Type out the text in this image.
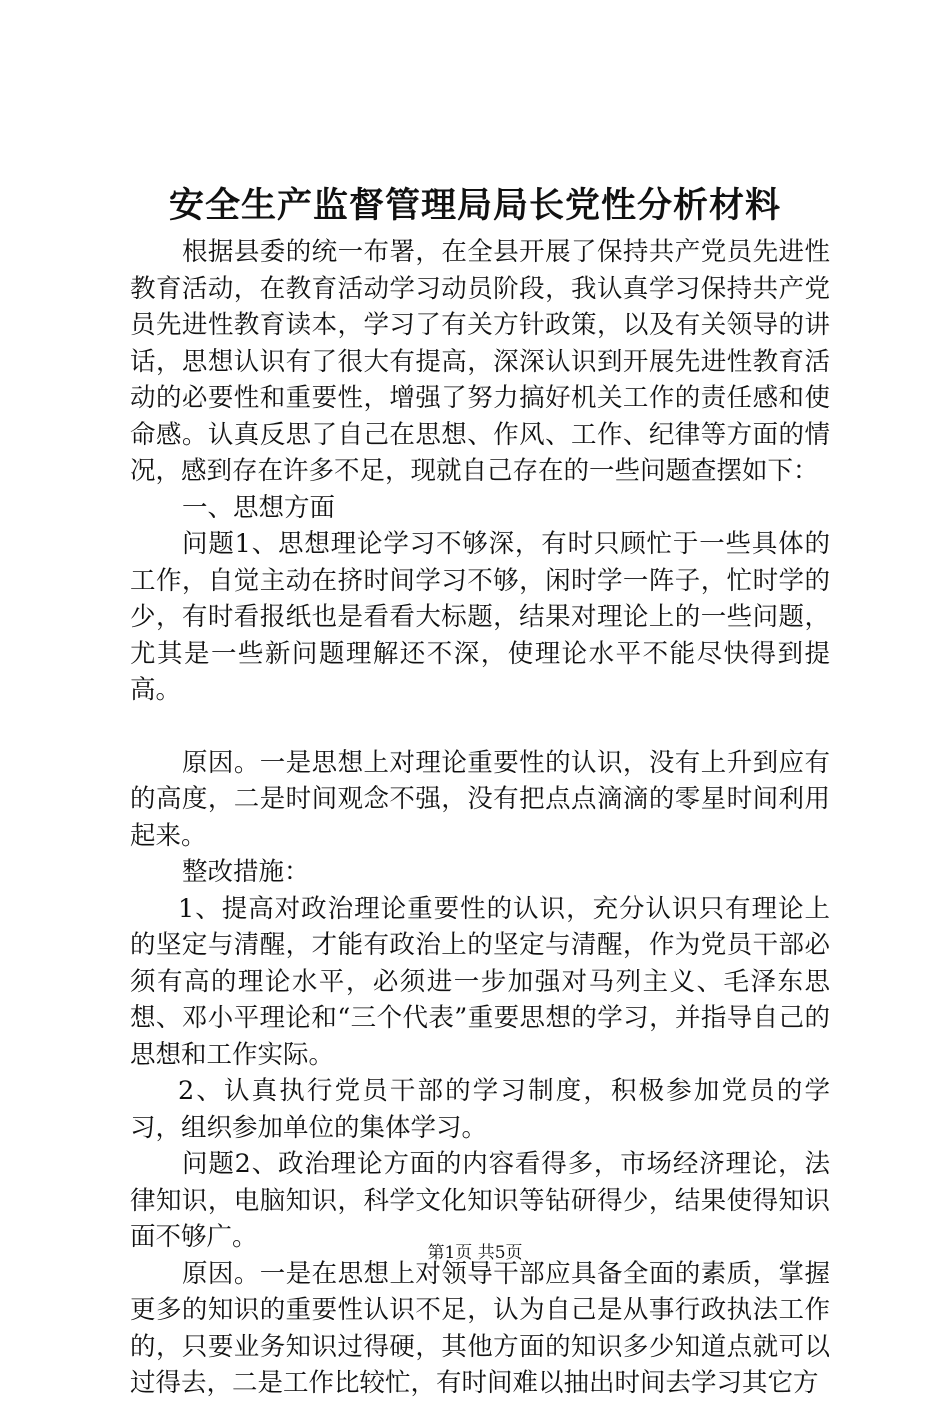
安全生产监督管理局局长党性分析材料

根据县委的统一布署，在全县开展了保持共产党员先进性教育活动，在教育活动学习动员阶段，我认真学习保持共产党员先进性教育读本，学习了有关方针政策，以及有关领导的讲话，思想认识有了很大有提高，深深认识到开展先进性教育活动的必要性和重要性，增强了努力搞好机关工作的责任感和使命感。认真反思了自己在思想、作风、工作、纪律等方面的情况，感到存在许多不足，现就自己存在的一些问题查摆如下：

一、思想方面

问题1、思想理论学习不够深，有时只顾忙于一些具体的工作，自觉主动在挤时间学习不够，闲时学一阵子，忙时学的少，有时看报纸也是看看大标题，结果对理论上的一些问题，尤其是一些新问题理解还不深，使理论水平不能尽快得到提高。

原因。一是思想上对理论重要性的认识，没有上升到应有的高度，二是时间观念不强，没有把点点滴滴的零星时间利用起来。

整改措施：

1、提高对政治理论重要性的认识，充分认识只有理论上的坚定与清醒，才能有政治上的坚定与清醒，作为党员干部必须有高的理论水平，必须进一步加强对马列主义、毛泽东思想、邓小平理论和“三个代表”重要思想的学习，并指导自己的思想和工作实际。

2、认真执行党员干部的学习制度，积极参加党员的学习，组织参加单位的集体学习。

问题2、政治理论方面的内容看得多，市场经济理论，法律知识，电脑知识，科学文化知识等钻研得少，结果使得知识面不够广。

原因。一是在思想上对领导干部应具备全面的素质，掌握更多的知识的重要性认识不足，认为自己是从事行政执法工作的，只要业务知识过得硬，其他方面的知识多少知道点就可以过得去，二是工作比较忙，有时间难以抽出时间去学习其它方

第1页 共5页
